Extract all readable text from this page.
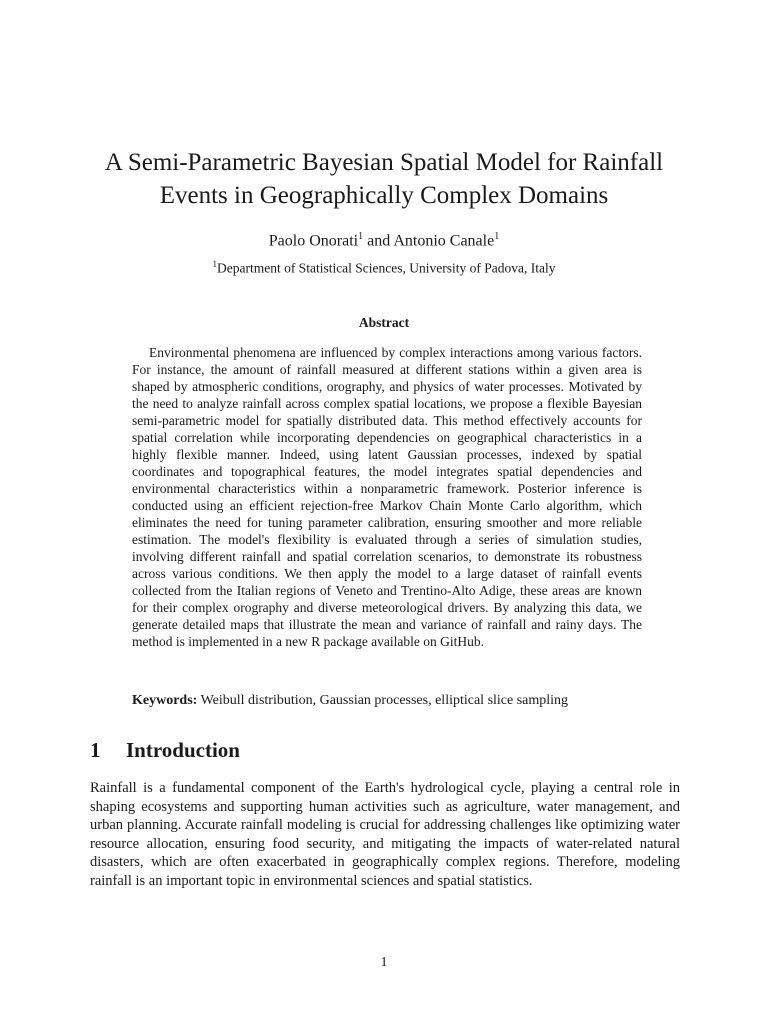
A Semi-Parametric Bayesian Spatial Model for Rainfall
Events in Geographically Complex Domains
Paolo Onorati$^1$ and Antonio Canale$^1$
$^1$Department of Statistical Sciences, University of Padova, Italy
Abstract

Environmental phenomena are influenced by complex interactions among various factors. For instance, the amount of rainfall measured at different stations within a given area is shaped by atmospheric conditions, orography, and physics of water processes. Motivated by the need to analyze rainfall across complex spatial locations, we propose a flexible Bayesian semi-parametric model for spatially distributed data. This method effectively accounts for spatial correlation while incorporating dependencies on geographical characteristics in a highly flexible manner. Indeed, using latent Gaussian processes, indexed by spatial coordinates and topographical features, the model integrates spatial dependencies and environmental characteristics within a nonparametric framework. Posterior inference is conducted using an efficient rejection-free Markov Chain Monte Carlo algorithm, which eliminates the need for tuning parameter calibration, ensuring smoother and more reliable estimation. The model's flexibility is evaluated through a series of simulation studies, involving different rainfall and spatial correlation scenarios, to demonstrate its robustness across various conditions. We then apply the model to a large dataset of rainfall events collected from the Italian regions of Veneto and Trentino-Alto Adige, these areas are known for their complex orography and diverse meteorological drivers. By analyzing this data, we generate detailed maps that illustrate the mean and variance of rainfall and rainy days. The method is implemented in a new R package available on GitHub.

Keywords: Weibull distribution, Gaussian processes, elliptical slice sampling
1 Introduction

Rainfall is a fundamental component of the Earth's hydrological cycle, playing a central role in shaping ecosystems and supporting human activities such as agriculture, water management, and urban planning. Accurate rainfall modeling is crucial for addressing challenges like optimizing water resource allocation, ensuring food security, and mitigating the impacts of water-related natural disasters, which are often exacerbated in geographically complex regions. Therefore, modeling rainfall is an important topic in environmental sciences and spatial statistics.

1
